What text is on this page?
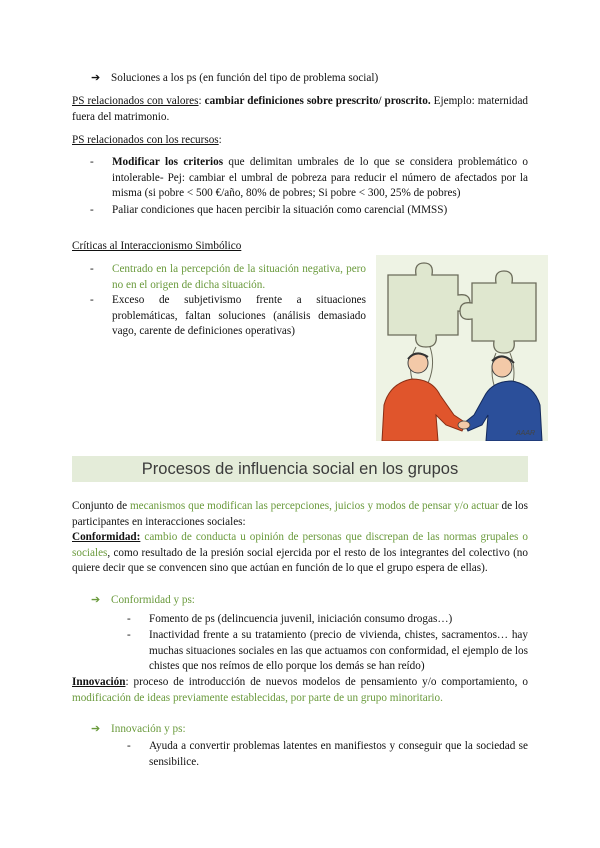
➔ Soluciones a los ps (en función del tipo de problema social)
PS relacionados con valores: cambiar definiciones sobre prescrito/ proscrito. Ejemplo: maternidad fuera del matrimonio.
PS relacionados con los recursos:
-	Modificar los criterios que delimitan umbrales de lo que se considera problemático o intolerable- Pej: cambiar el umbral de pobreza para reducir el número de afectados por la misma (si pobre < 500 €/año, 80% de pobres; Si pobre < 300, 25% de pobres)
-	Paliar condiciones que hacen percibir la situación como carencial (MMSS)
Críticas al Interaccionismo Simbólico
-	Centrado en la percepción de la situación negativa, pero no en el origen de dicha situación.
-	Exceso de subjetivismo frente a situaciones problemáticas, faltan soluciones (análisis demasiado vago, carente de definiciones operativas)
AAAR
Procesos de influencia social en los grupos
Conjunto de mecanismos que modifican las percepciones, juicios y modos de pensar y/o actuar de los participantes en interacciones sociales:
Conformidad: cambio de conducta u opinión de personas que discrepan de las normas grupales o sociales, como resultado de la presión social ejercida por el resto de los integrantes del colectivo (no quiere decir que se convencen sino que actúan en función de lo que el grupo espera de ellas).
➔ Conformidad y ps:
-	Fomento de ps (delincuencia juvenil, iniciación consumo drogas…)
-	Inactividad frente a su tratamiento (precio de vivienda, chistes, sacramentos… hay muchas situaciones sociales en las que actuamos con conformidad, el ejemplo de los chistes que nos reímos de ello porque los demás se han reído)
Innovación: proceso de introducción de nuevos modelos de pensamiento y/o comportamiento, o modificación de ideas previamente establecidas, por parte de un grupo minoritario.
➔ Innovación y ps:
-	Ayuda a convertir problemas latentes en manifiestos y conseguir que la sociedad se sensibilice.
